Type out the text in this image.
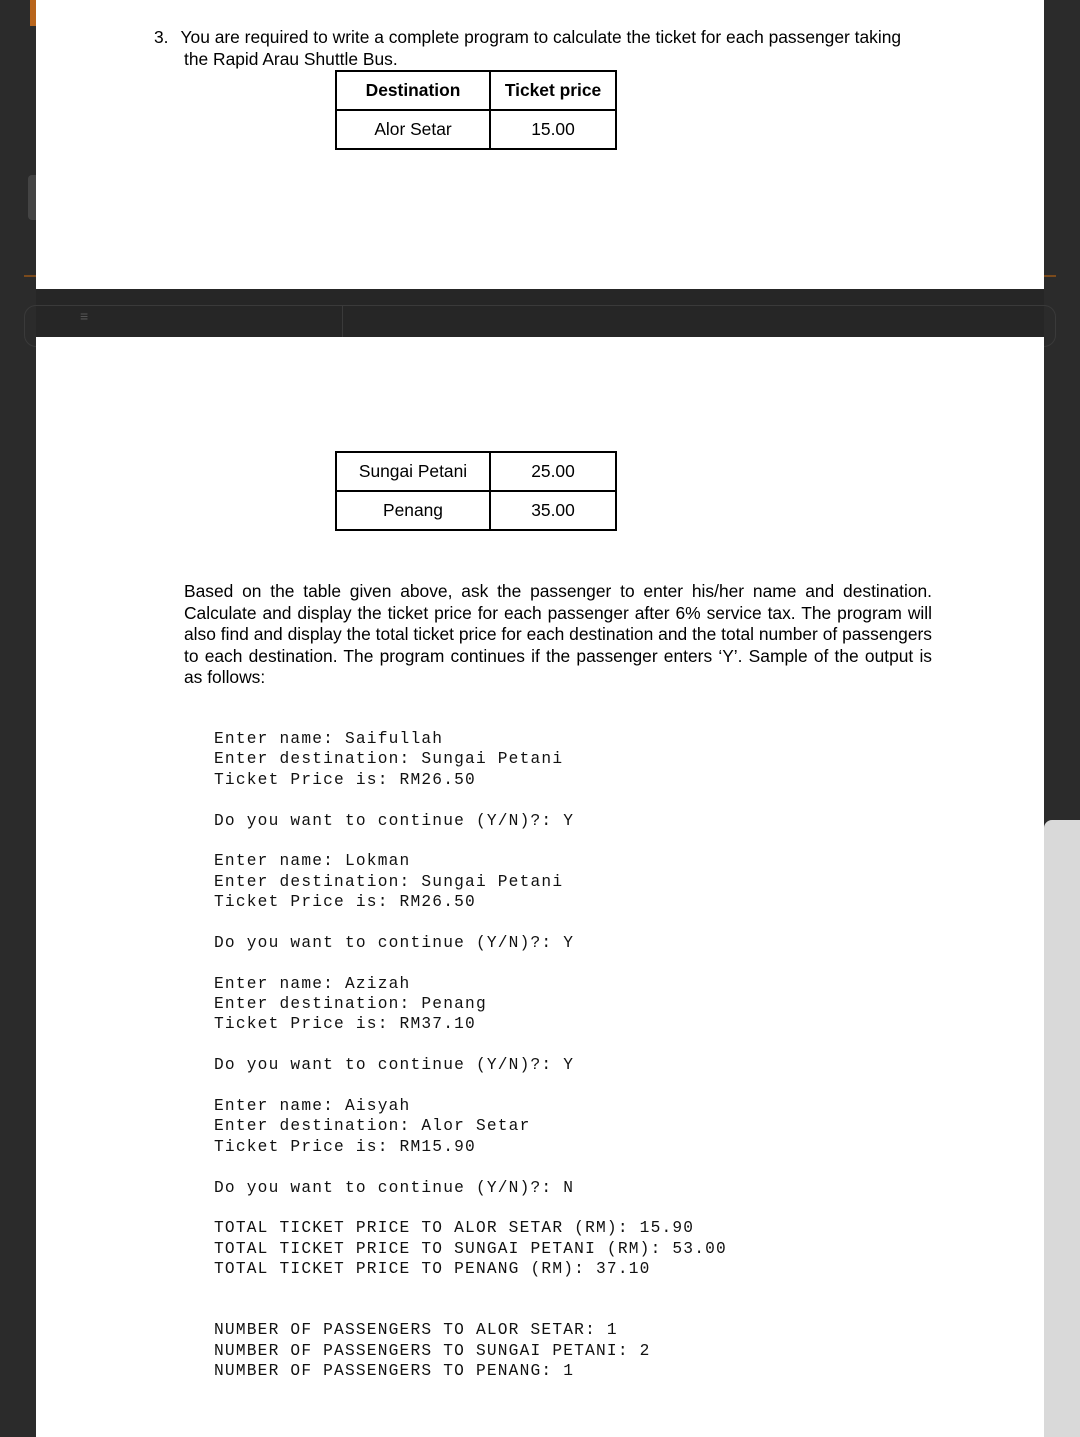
≡
3. You are required to write a complete program to calculate the ticket for each passenger taking
the Rapid Arau Shuttle Bus.
Destination	Ticket price
Alor Setar	15.00
Sungai Petani	25.00
Penang	35.00
Based on the table given above, ask the passenger to enter his/her name and destination. Calculate and display the ticket price for each passenger after 6% service tax. The program will also find and display the total ticket price for each destination and the total number of passengers to each destination. The program continues if the passenger enters ‘Y’. Sample of the output is as follows:
Enter name: Saifullah
Enter destination: Sungai Petani
Ticket Price is: RM26.50
Do you want to continue (Y/N)?: Y
Enter name: Lokman
Enter destination: Sungai Petani
Ticket Price is: RM26.50
Do you want to continue (Y/N)?: Y
Enter name: Azizah
Enter destination: Penang
Ticket Price is: RM37.10
Do you want to continue (Y/N)?: Y
Enter name: Aisyah
Enter destination: Alor Setar
Ticket Price is: RM15.90
Do you want to continue (Y/N)?: N
TOTAL TICKET PRICE TO ALOR SETAR (RM): 15.90
TOTAL TICKET PRICE TO SUNGAI PETANI (RM): 53.00
TOTAL TICKET PRICE TO PENANG (RM): 37.10
NUMBER OF PASSENGERS TO ALOR SETAR: 1
NUMBER OF PASSENGERS TO SUNGAI PETANI: 2
NUMBER OF PASSENGERS TO PENANG: 1
